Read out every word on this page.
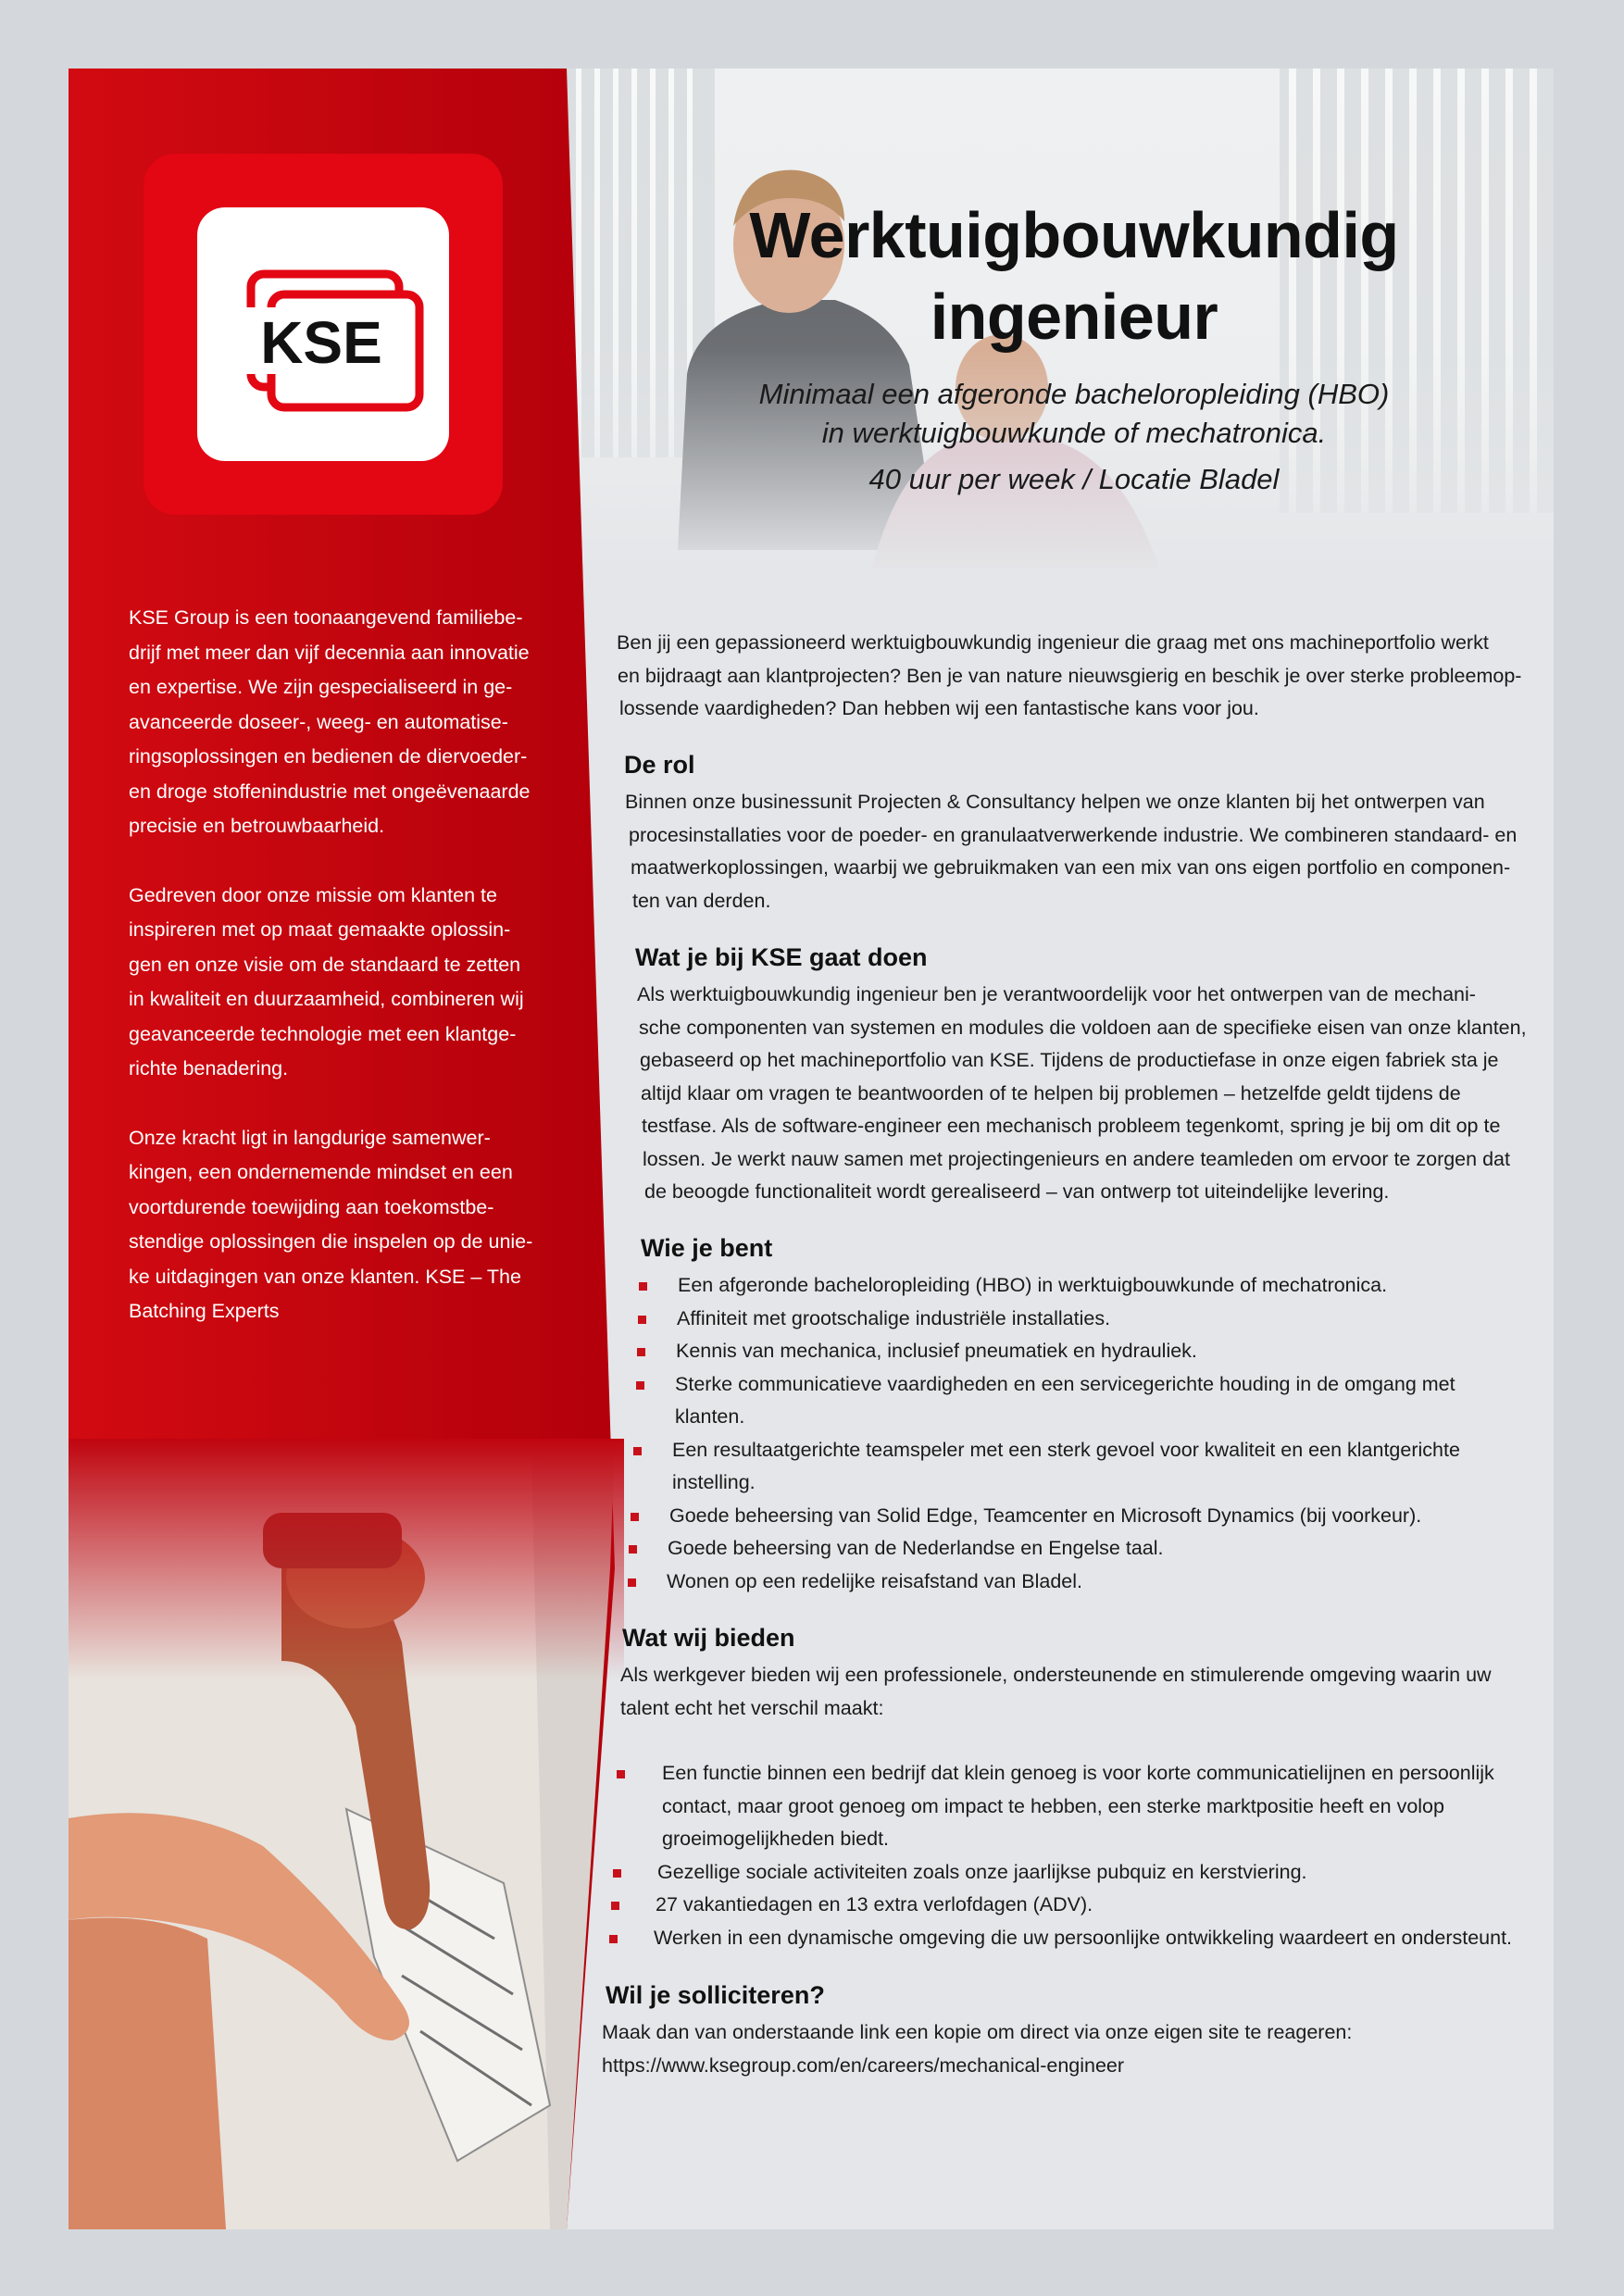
KSE

KSE Group is een toonaangevend familiebe-
drijf met meer dan vijf decennia aan innovatie
en expertise. We zijn gespecialiseerd in ge-
avanceerde doseer-, weeg- en automatise-
ringsoplossingen en bedienen de diervoeder-
en droge stoffenindustrie met ongeëvenaarde
precisie en betrouwbaarheid.

Gedreven door onze missie om klanten te
inspireren met op maat gemaakte oplossin-
gen en onze visie om de standaard te zetten
in kwaliteit en duurzaamheid, combineren wij
geavanceerde technologie met een klantge-
richte benadering.

Onze kracht ligt in langdurige samenwer-
kingen, een ondernemende mindset en een
voortdurende toewijding aan toekomstbe-
stendige oplossingen die inspelen op de unie-
ke uitdagingen van onze klanten. KSE – The
Batching Experts

Werktuigbouwkundig
ingenieur
Minimaal een afgeronde bacheloropleiding (HBO)
in werktuigbouwkunde of mechatronica.
40 uur per week / Locatie Bladel
Ben jij een gepassioneerd werktuigbouwkundig ingenieur die graag met ons machineportfolio werkt
en bijdraagt aan klantprojecten? Ben je van nature nieuwsgierig en beschik je over sterke probleemop-
lossende vaardigheden? Dan hebben wij een fantastische kans voor jou.
De rol
Binnen onze businessunit Projecten & Consultancy helpen we onze klanten bij het ontwerpen van
procesinstallaties voor de poeder- en granulaatverwerkende industrie. We combineren standaard- en
maatwerkoplossingen, waarbij we gebruikmaken van een mix van ons eigen portfolio en componen-
ten van derden.
Wat je bij KSE gaat doen
Als werktuigbouwkundig ingenieur ben je verantwoordelijk voor het ontwerpen van de mechani-
sche componenten van systemen en modules die voldoen aan de specifieke eisen van onze klanten,
gebaseerd op het machineportfolio van KSE. Tijdens de productiefase in onze eigen fabriek sta je
altijd klaar om vragen te beantwoorden of te helpen bij problemen – hetzelfde geldt tijdens de
testfase. Als de software-engineer een mechanisch probleem tegenkomt, spring je bij om dit op te
lossen. Je werkt nauw samen met projectingenieurs en andere teamleden om ervoor te zorgen dat
de beoogde functionaliteit wordt gerealiseerd – van ontwerp tot uiteindelijke levering.
Wie je bent
Een afgeronde bacheloropleiding (HBO) in werktuigbouwkunde of mechatronica.
Affiniteit met grootschalige industriële installaties.
Kennis van mechanica, inclusief pneumatiek en hydrauliek.
Sterke communicatieve vaardigheden en een servicegerichte houding in de omgang met
klanten.
Een resultaatgerichte teamspeler met een sterk gevoel voor kwaliteit en een klantgerichte
instelling.
Goede beheersing van Solid Edge, Teamcenter en Microsoft Dynamics (bij voorkeur).
Goede beheersing van de Nederlandse en Engelse taal.
Wonen op een redelijke reisafstand van Bladel.
Wat wij bieden
Als werkgever bieden wij een professionele, ondersteunende en stimulerende omgeving waarin uw
talent echt het verschil maakt:
Een functie binnen een bedrijf dat klein genoeg is voor korte communicatielijnen en persoonlijk
contact, maar groot genoeg om impact te hebben, een sterke marktpositie heeft en volop
groeimogelijkheden biedt.
Gezellige sociale activiteiten zoals onze jaarlijkse pubquiz en kerstviering.
27 vakantiedagen en 13 extra verlofdagen (ADV).
Werken in een dynamische omgeving die uw persoonlijke ontwikkeling waardeert en ondersteunt.
Wil je solliciteren?
Maak dan van onderstaande link een kopie om direct via onze eigen site te reageren:
https://www.ksegroup.com/en/careers/mechanical-engineer
